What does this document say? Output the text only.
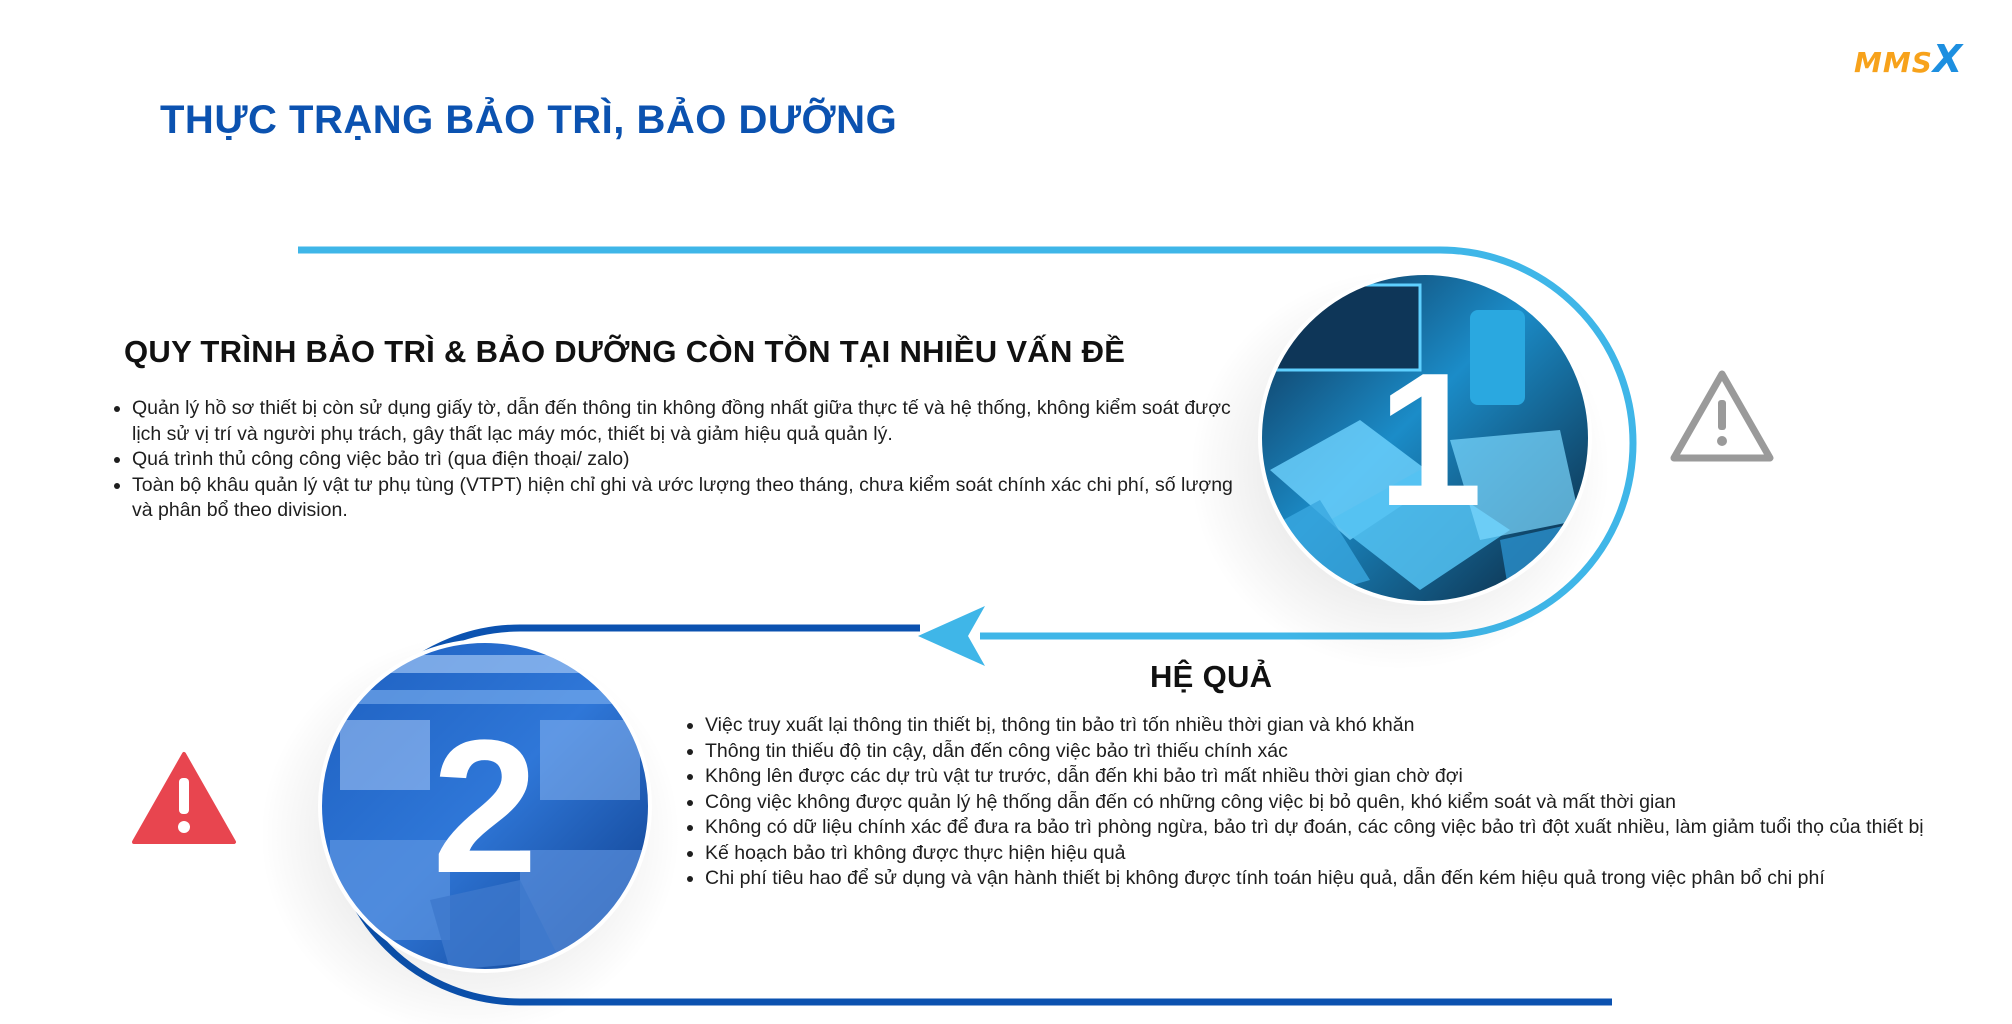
MMSX
THỰC TRẠNG BẢO TRÌ, BẢO DƯỠNG
1
2
QUY TRÌNH BẢO TRÌ & BẢO DƯỠNG CÒN TỒN TẠI NHIỀU VẤN ĐỀ
• Quản lý hồ sơ thiết bị còn sử dụng giấy tờ, dẫn đến thông tin không đồng nhất giữa thực tế và hệ thống, không kiểm soát được lịch sử vị trí và người phụ trách, gây thất lạc máy móc, thiết bị và giảm hiệu quả quản lý.
• Quá trình thủ công công việc bảo trì (qua điện thoại/ zalo)
• Toàn bộ khâu quản lý vật tư phụ tùng (VTPT) hiện chỉ ghi và ước lượng theo tháng, chưa kiểm soát chính xác chi phí, số lượng và phân bổ theo division.
HỆ QUẢ
• Việc truy xuất lại thông tin thiết bị, thông tin bảo trì tốn nhiều thời gian và khó khăn
• Thông tin thiếu độ tin cậy, dẫn đến công việc bảo trì thiếu chính xác
• Không lên được các dự trù vật tư trước, dẫn đến khi bảo trì mất nhiều thời gian chờ đợi
• Công việc không được quản lý hệ thống dẫn đến có những công việc bị bỏ quên, khó kiểm soát và mất thời gian
• Không có dữ liệu chính xác để đưa ra bảo trì phòng ngừa, bảo trì dự đoán, các công việc bảo trì đột xuất nhiều, làm giảm tuổi thọ của thiết bị
• Kế hoạch bảo trì không được thực hiện hiệu quả
• Chi phí tiêu hao để sử dụng và vận hành thiết bị không được tính toán hiệu quả, dẫn đến kém hiệu quả trong việc phân bổ chi phí
